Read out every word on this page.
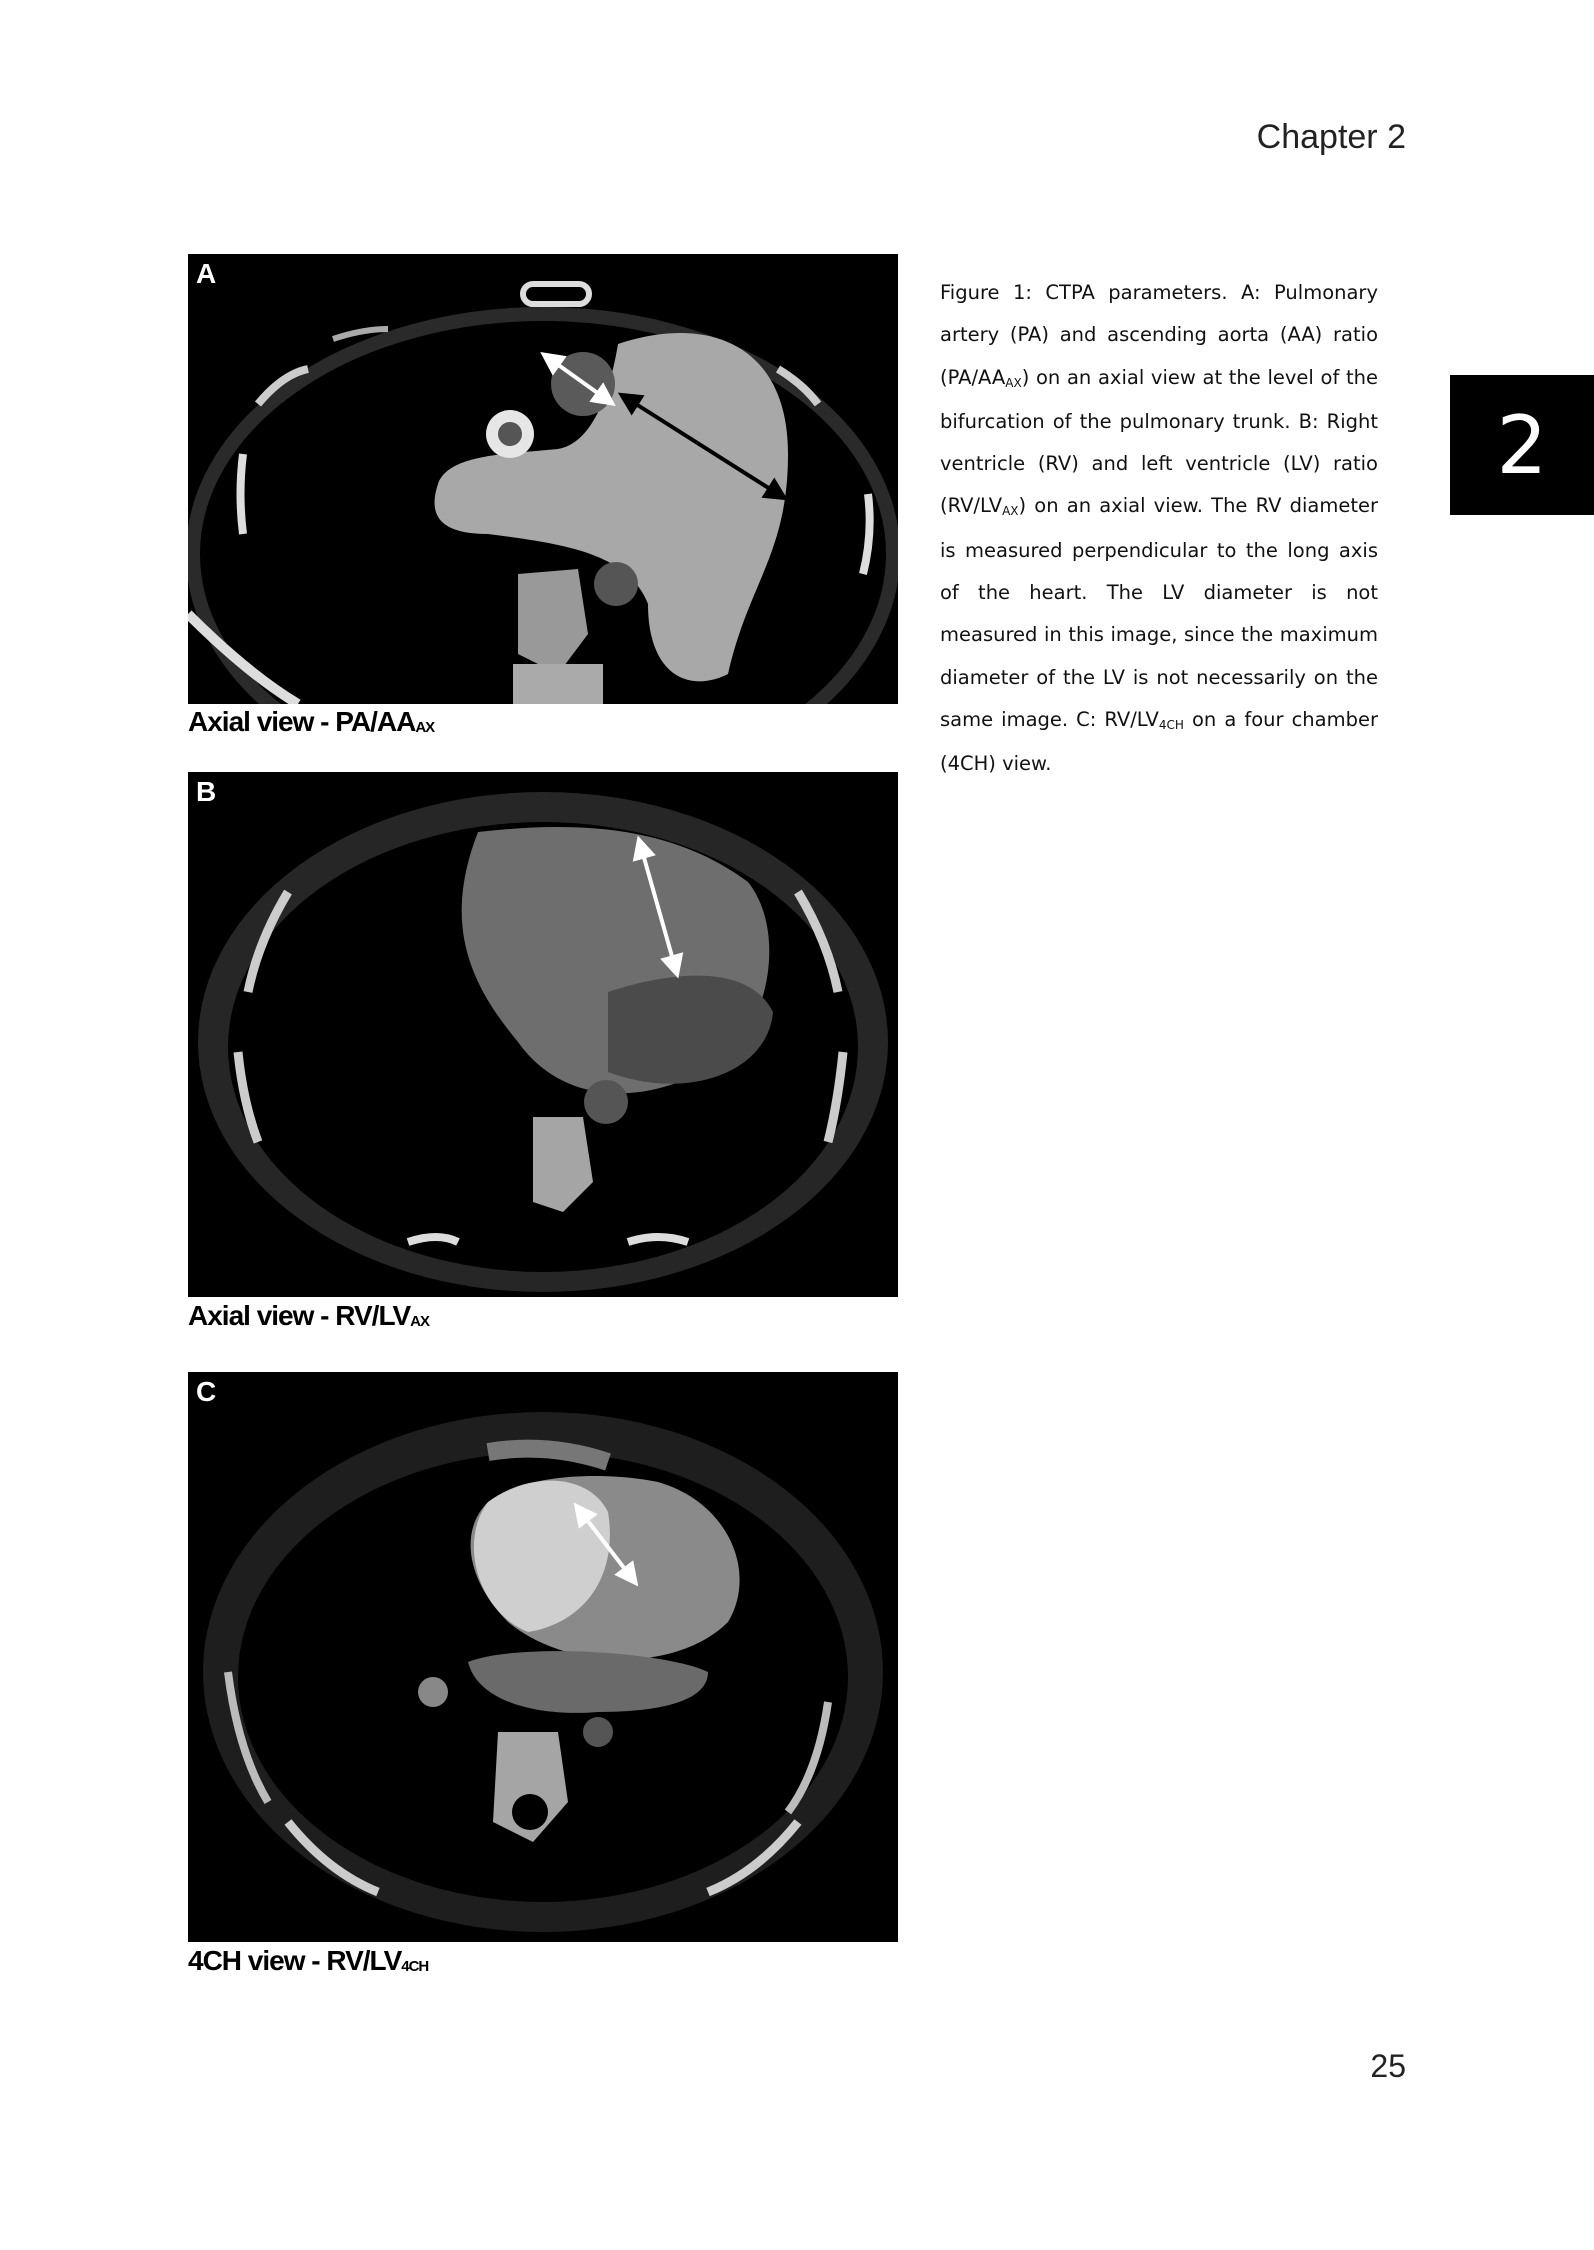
Chapter 2
2
A
Axial view - $PA/AA_{AX}$
B
Axial view - $RV/LV_{AX}$
C
4CH view - $RV/LV_{4CH}$
Figure 1: CTPA parameters. A: Pulmonary artery (PA) and ascending aorta (AA) ratio $(PA/AA_{AX})$ on an axial view at the level of the bifurcation of the pulmonary trunk. B: Right ventricle (RV) and left ventricle (LV) ratio $(RV/LV_{AX})$ on an axial view. The RV diameter is measured perpendicular to the long axis of the heart. The LV diameter is not measured in this image, since the maximum diameter of the LV is not necessarily on the same image. C: $RV/LV_{4CH}$ on a four chamber (4CH) view.
25
